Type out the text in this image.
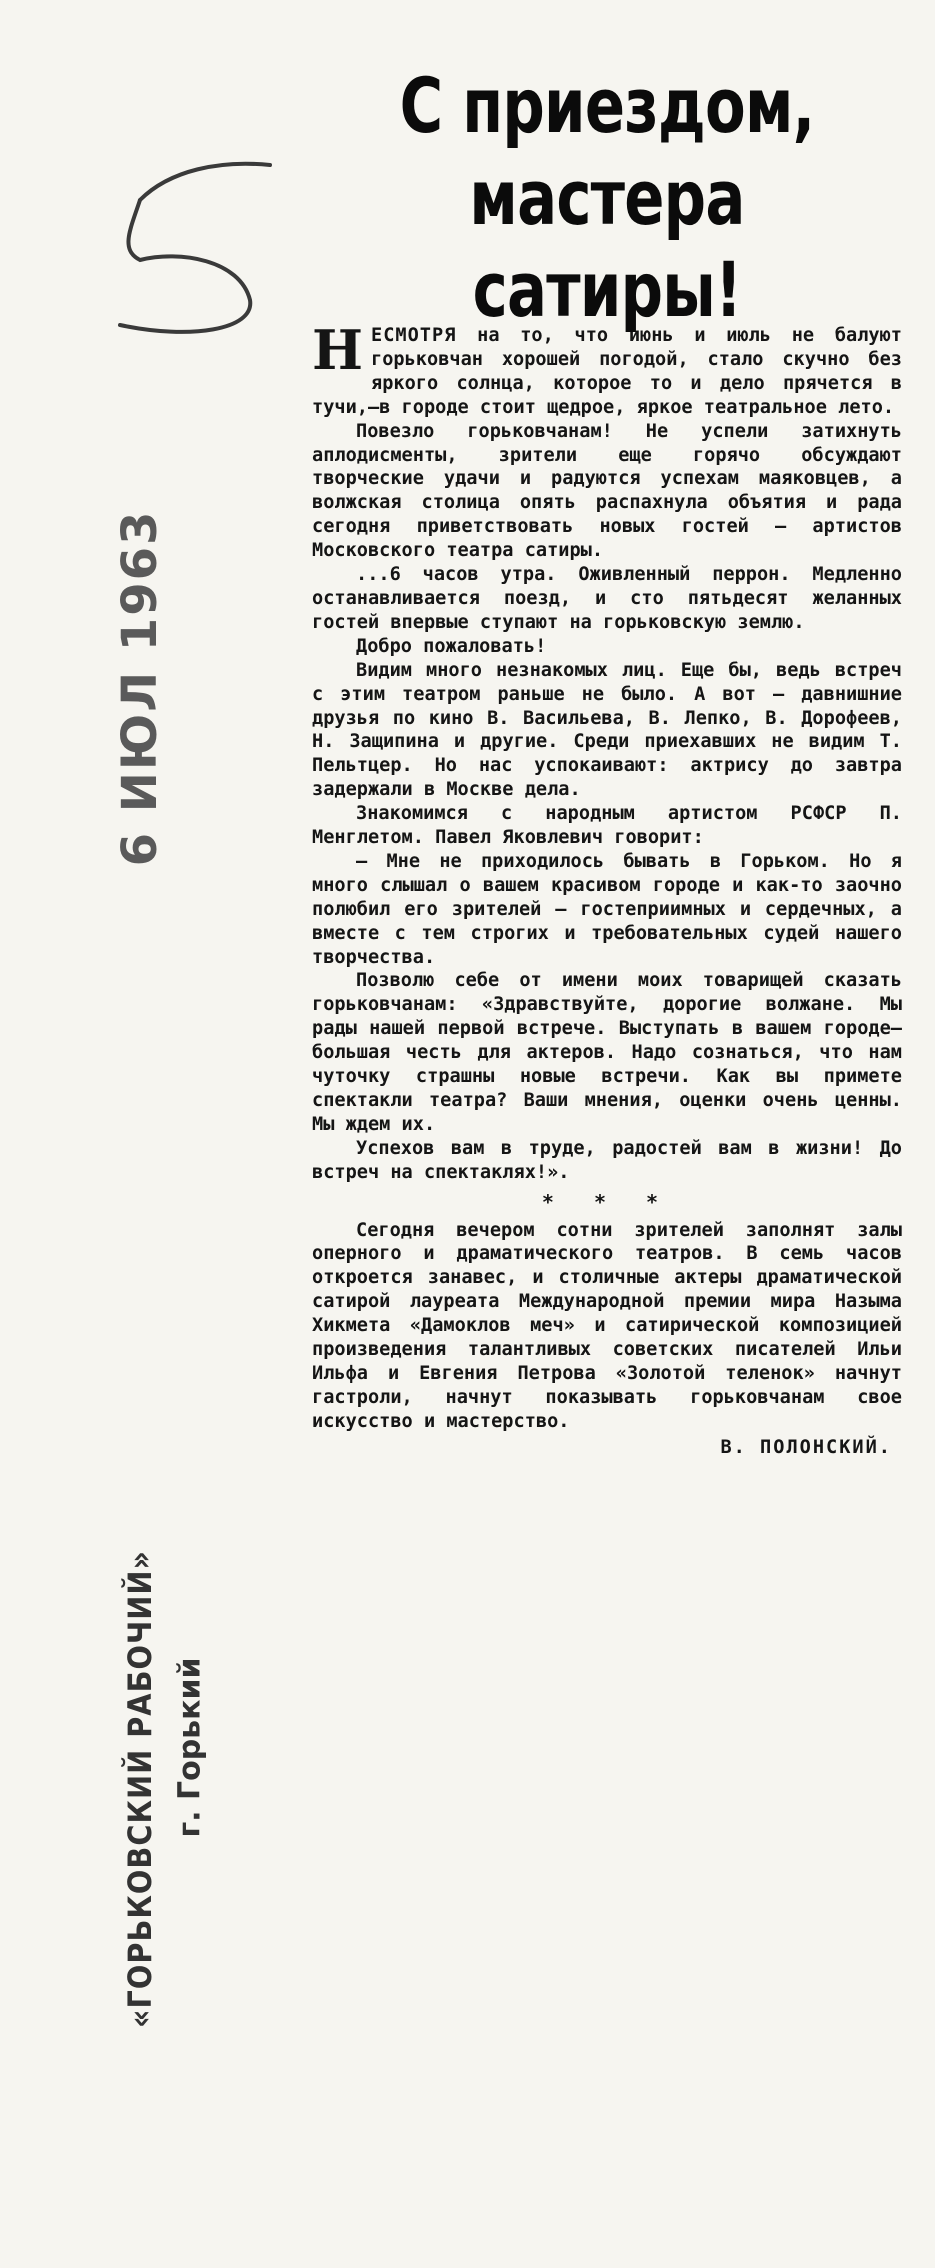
6 ИЮЛ 1963
«ГОРЬКОВСКИЙ РАБОЧИЙ» г. Горький
С приездом,
мастера сатиры!

НЕСМОТРЯ на то, что июнь и июль не балуют горьковчан хорошей погодой, стало скучно без яркого солнца, которое то и дело прячется в тучи,—в городе стоит щедрое, яркое театральное лето.

Повезло горьковчанам! Не успели затихнуть аплодисменты, зрители еще горячо обсуждают творческие удачи и радуются успехам маяковцев, а волжская столица опять распахнула объятия и рада сегодня приветствовать новых гостей — артистов Московского театра сатиры.

...6 часов утра. Оживленный перрон. Медленно останавливается поезд, и сто пятьдесят желанных гостей впервые ступают на горьковскую землю.

Добро пожаловать!

Видим много незнакомых лиц. Еще бы, ведь встреч с этим театром раньше не было. А вот — давнишние друзья по кино В. Васильева, В. Лепко, В. Дорофеев, Н. Защипина и другие. Среди приехавших не видим Т. Пельтцер. Но нас успокаивают: актрису до завтра задержали в Москве дела.

Знакомимся с народным артистом РСФСР П. Менглетом. Павел Яковлевич говорит:

— Мне не приходилось бывать в Горьком. Но я много слышал о вашем красивом городе и как-то заочно полюбил его зрителей — гостеприимных и сердечных, а вместе с тем строгих и требовательных судей нашего творчества.

Позволю себе от имени моих товарищей сказать горьковчанам: «Здравствуйте, дорогие волжане. Мы рады нашей первой встрече. Выступать в вашем городе—большая честь для актеров. Надо сознаться, что нам чуточку страшны новые встречи. Как вы примете спектакли театра? Ваши мнения, оценки очень ценны. Мы ждем их.

Успехов вам в труде, радостей вам в жизни! До встреч на спектаклях!».

* * *

Сегодня вечером сотни зрителей заполнят залы оперного и драматического театров. В семь часов откроется занавес, и столичные актеры драматической сатирой лауреата Международной премии мира Назыма Хикмета «Дамоклов меч» и сатирической композицией произведения талантливых советских писателей Ильи Ильфа и Евгения Петрова «Золотой теленок» начнут гастроли, начнут показывать горьковчанам свое искусство и мастерство.

В. ПОЛОНСКИЙ.
